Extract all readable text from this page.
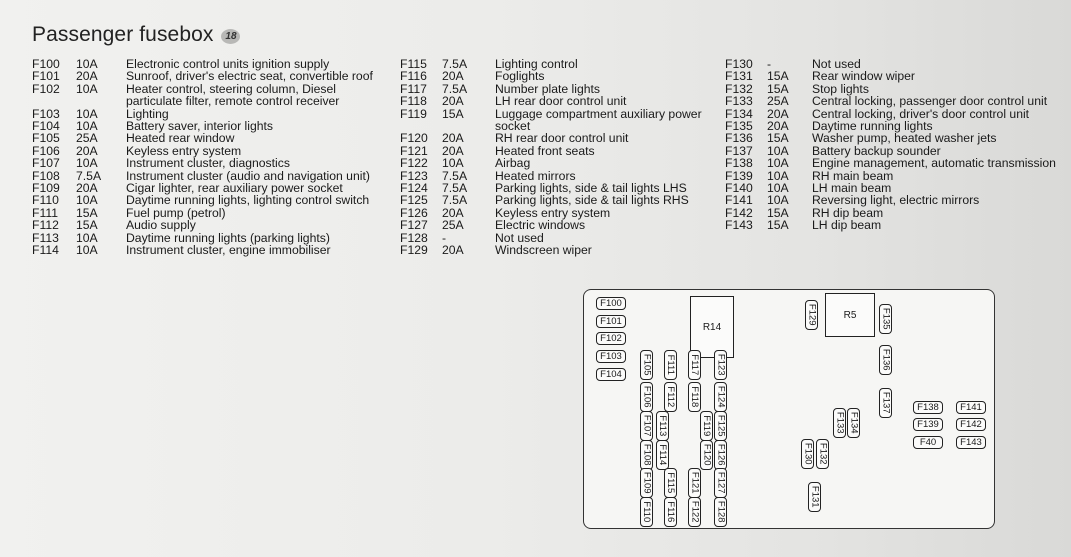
Passenger fusebox	18
F100	10A	Electronic control units ignition supply
F101	20A	Sunroof, driver's electric seat, convertible roof
F102	10A	Heater control, steering column, Diesel
particulate filter, remote control receiver
F103	10A	Lighting
F104	10A	Battery saver, interior lights
F105	25A	Heated rear window
F106	20A	Keyless entry system
F107	10A	Instrument cluster, diagnostics
F108	7.5A	Instrument cluster (audio and navigation unit)
F109	20A	Cigar lighter, rear auxiliary power socket
F110	10A	Daytime running lights, lighting control switch
F111	15A	Fuel pump (petrol)
F112	15A	Audio supply
F113	10A	Daytime running lights (parking lights)
F114	10A	Instrument cluster, engine immobiliser
F115	7.5A	Lighting control
F116	20A	Foglights
F117	7.5A	Number plate lights
F118	20A	LH rear door control unit
F119	15A	Luggage compartment auxiliary power
socket
F120	20A	RH rear door control unit
F121	20A	Heated front seats
F122	10A	Airbag
F123	7.5A	Heated mirrors
F124	7.5A	Parking lights, side & tail lights LHS
F125	7.5A	Parking lights, side & tail lights RHS
F126	20A	Keyless entry system
F127	25A	Electric windows
F128	-	Not used
F129	20A	Windscreen wiper
F130	-	Not used
F131	15A	Rear window wiper
F132	15A	Stop lights
F133	25A	Central locking, passenger door control unit
F134	20A	Central locking, driver's door control unit
F135	20A	Daytime running lights
F136	15A	Washer pump, heated washer jets
F137	10A	Battery backup sounder
F138	10A	Engine management, automatic transmission
F139	10A	RH main beam
F140	10A	LH main beam
F141	10A	Reversing light, electric mirrors
F142	15A	RH dip beam
F143	15A	LH dip beam
R14
R5
F100
F101
F102
F103
F104 F105
F106
F107
F108
F109
F110
F111
F112
F113
F114
F115
F116
F117
F118
F119
F120
F121
F122
F123
F124
F125
F126
F127
F128
F129	F135
F136
F137
F133 F134
F130 F132
F131
F138
F139
F40
F141
F142
F143
